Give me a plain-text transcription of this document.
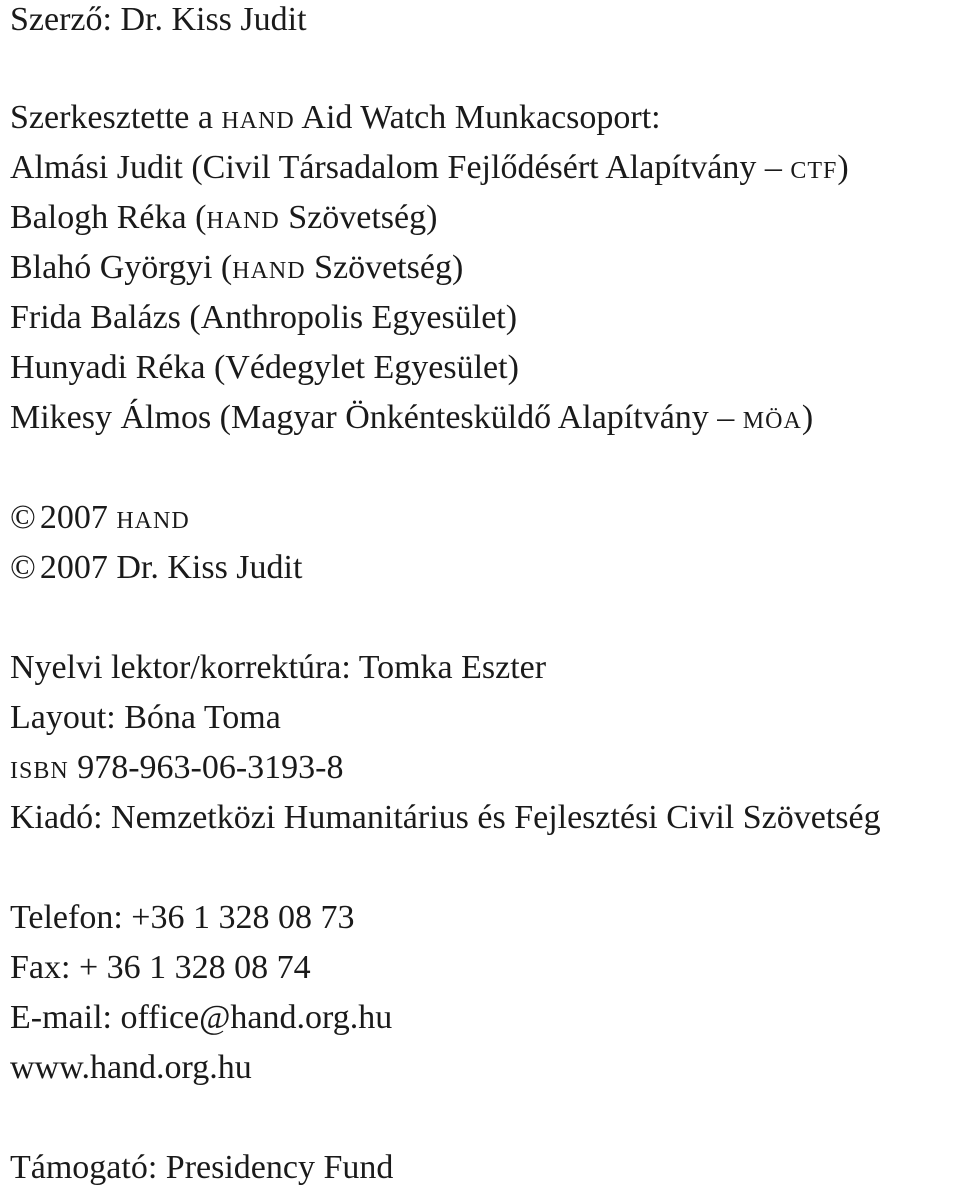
Szerző: Dr. Kiss Judit
Szerkesztette a hand Aid Watch Munkacsoport:
Almási Judit (Civil Társadalom Fejlődésért Alapítvány – ctf)
Balogh Réka (hand Szövetség)
Blahó Györgyi (hand Szövetség)
Frida Balázs (Anthropolis Egyesület)
Hunyadi Réka (Védegylet Egyesület)
Mikesy Álmos (Magyar Önkéntesküldő Alapítvány – möa)
© 2007 hand
© 2007 Dr. Kiss Judit
Nyelvi lektor/korrektúra: Tomka Eszter
Layout: Bóna Toma
isbn 978-963-06-3193-8
Kiadó: Nemzetközi Humanitárius és Fejlesztési Civil Szövetség
Telefon: +36 1 328 08 73
Fax: + 36 1 328 08 74
E-mail: office@hand.org.hu
www.hand.org.hu
Támogató: Presidency Fund
